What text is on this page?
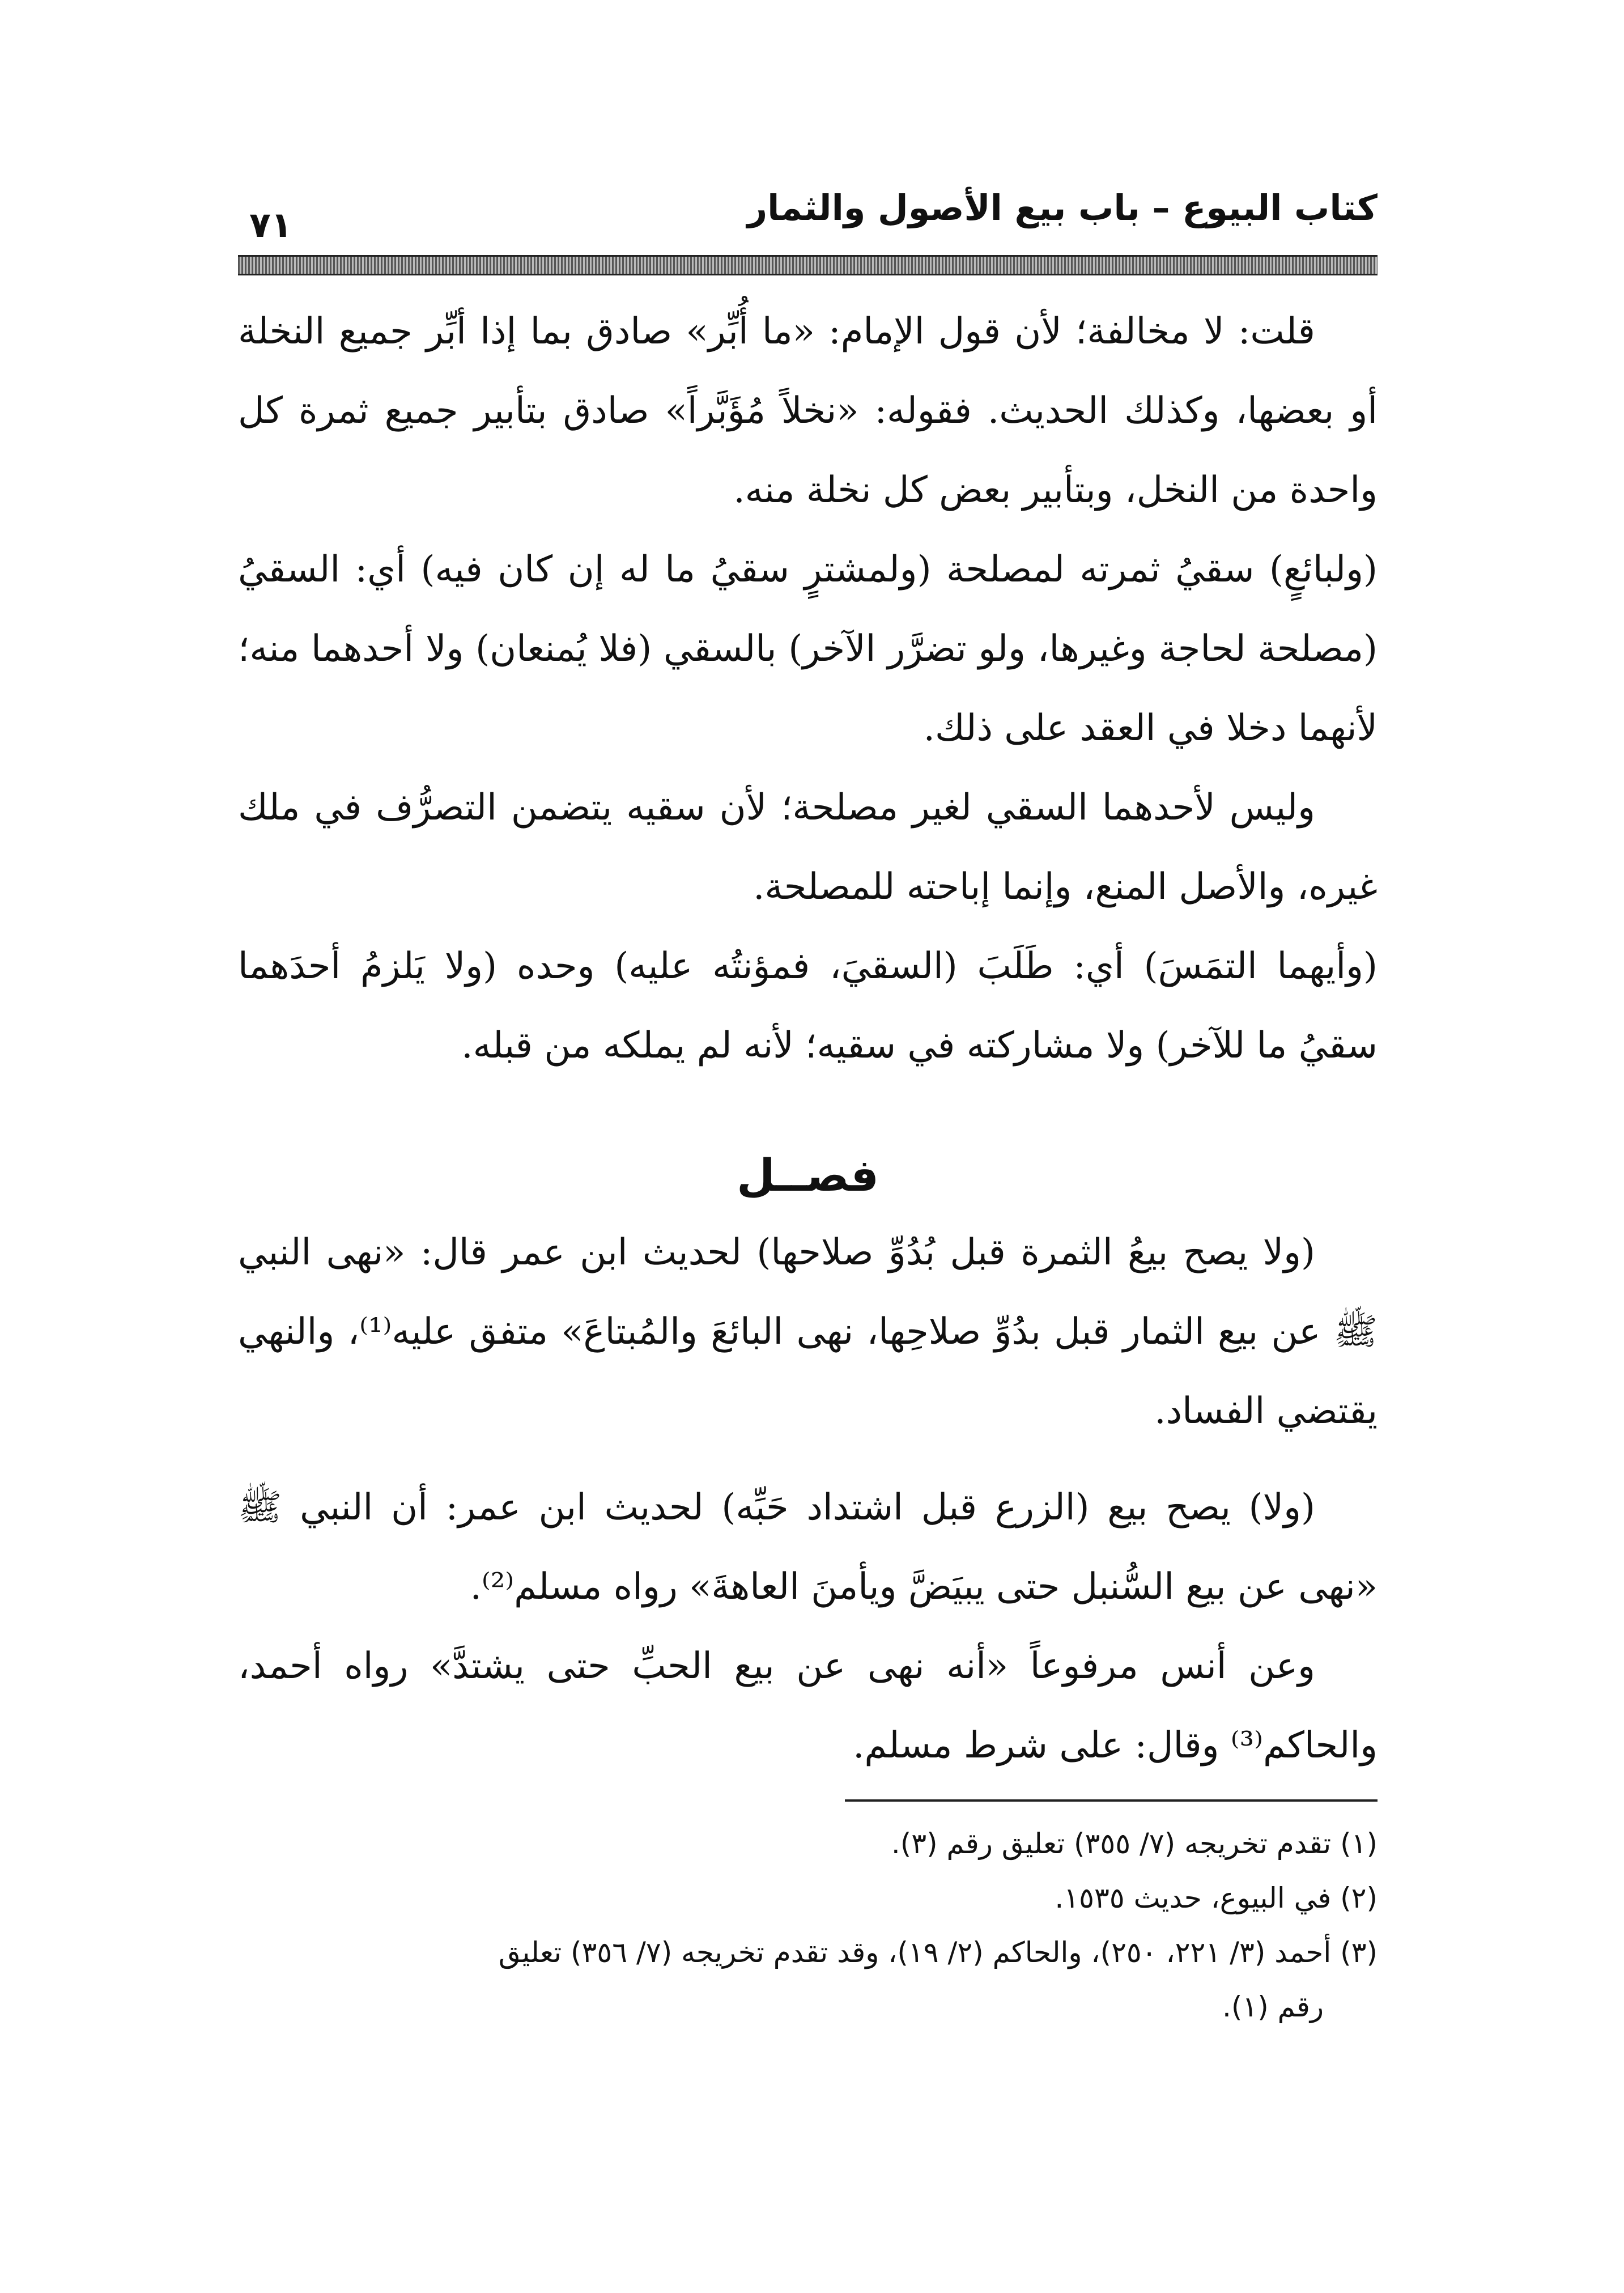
كتاب البيوع – باب بيع الأصول والثمار
٧١

قلت: لا مخالفة؛ لأن قول الإمام: «ما أُبِّر» صادق بما إذا أبِّر جميع النخلة أو بعضها، وكذلك الحديث. فقوله: «نخلاً مُؤَبَّراً» صادق بتأبير جميع ثمرة كل واحدة من النخل، وبتأبير بعض كل نخلة منه.

(ولبائعٍ) سقيُ ثمرته لمصلحة (ولمشترٍ سقيُ ما له إن كان فيه) أي: السقيُ (مصلحة لحاجة وغيرها، ولو تضرَّر الآخر) بالسقي (فلا يُمنعان) ولا أحدهما منه؛ لأنهما دخلا في العقد على ذلك.

وليس لأحدهما السقي لغير مصلحة؛ لأن سقيه يتضمن التصرُّف في ملك غيره، والأصل المنع، وإنما إباحته للمصلحة.

(وأيهما التمَسَ) أي: طَلَبَ (السقيَ، فمؤنتُه عليه) وحده (ولا يَلزمُ أحدَهما سقيُ ما للآخر) ولا مشاركته في سقيه؛ لأنه لم يملكه من قبله.

فصــل

(ولا يصح بيعُ الثمرة قبل بُدُوِّ صلاحها) لحديث ابن عمر قال: «نهى النبي ﷺ عن بيع الثمار قبل بدُوِّ صلاحِها، نهى البائعَ والمُبتاعَ» متفق عليه⁽¹⁾، والنهي يقتضي الفساد.

(ولا) يصح بيع (الزرع قبل اشتداد حَبِّه) لحديث ابن عمر: أن النبي ﷺ «نهى عن بيع السُّنبل حتى يبيَضَّ ويأمنَ العاهةَ» رواه مسلم⁽²⁾.

وعن أنس مرفوعاً «أنه نهى عن بيع الحبِّ حتى يشتدَّ» رواه أحمد، والحاكم⁽³⁾ وقال: على شرط مسلم.

(١) تقدم تخريجه (٧/ ٣٥٥) تعليق رقم (٣).

(٢) في البيوع، حديث ١٥٣٥.

(٣) أحمد (٣/ ٢٢١، ٢٥٠)، والحاكم (٢/ ١٩)، وقد تقدم تخريجه (٧/ ٣٥٦) تعليق

رقم (١).
